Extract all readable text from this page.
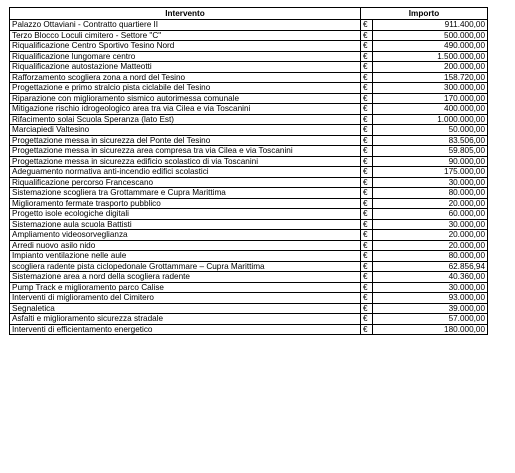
Intervento	Importo	
Palazzo Ottaviani - Contratto quartiere II	€	911.400,00
Terzo Blocco Loculi cimitero - Settore "C"	€	500.000,00
Riqualificazione Centro Sportivo Tesino Nord	€	490.000,00
Riqualificazione lungomare centro	€	1.500.000,00
Riqualificazione autostazione Matteotti	€	200.000,00
Rafforzamento scogliera zona a nord del Tesino	€	158.720,00
Progettazione e primo stralcio pista ciclabile del Tesino	€	300.000,00
Riparazione con miglioramento sismico autorimessa comunale	€	170.000,00
Mitigazione rischio idrogeologico area tra via Cilea e via Toscanini	€	400.000,00
Rifacimento solai Scuola Speranza (lato Est)	€	1.000.000,00
Marciapiedi Valtesino	€	50.000,00
Progettazione messa in sicurezza del Ponte del Tesino	€	83.506,00
Progettazione messa in sicurezza area compresa tra via Cilea e via Toscanini	€	59.805,00
Progettazione messa in sicurezza edificio scolastico di via Toscanini	€	90.000,00
Adeguamento normativa anti-incendio edifici scolastici	€	175.000,00
Riqualificazione percorso Francescano	€	30.000,00
Sistemazione scogliera tra Grottammare e Cupra Marittima	€	80.000,00
Miglioramento fermate trasporto pubblico	€	20.000,00
Progetto isole ecologiche digitali	€	60.000,00
Sistemazione aula scuola Battisti	€	30.000,00
Ampliamento videosorveglianza	€	20.000,00
Arredi nuovo asilo nido	€	20.000,00
Impianto ventilazione nelle aule	€	80.000,00
scogliera radente pista ciclopedonale Grottammare – Cupra Marittima	€	62.856,94
Sistemazione area a nord della scogliera radente	€	40.360,00
Pump Track e miglioramento parco Calise	€	30.000,00
Interventi di miglioramento del Cimitero	€	93.000,00
Segnaletica	€	39.000,00
Asfalti e miglioramento sicurezza stradale	€	57.000,00
Interventi di efficientamento energetico	€	180.000,00
